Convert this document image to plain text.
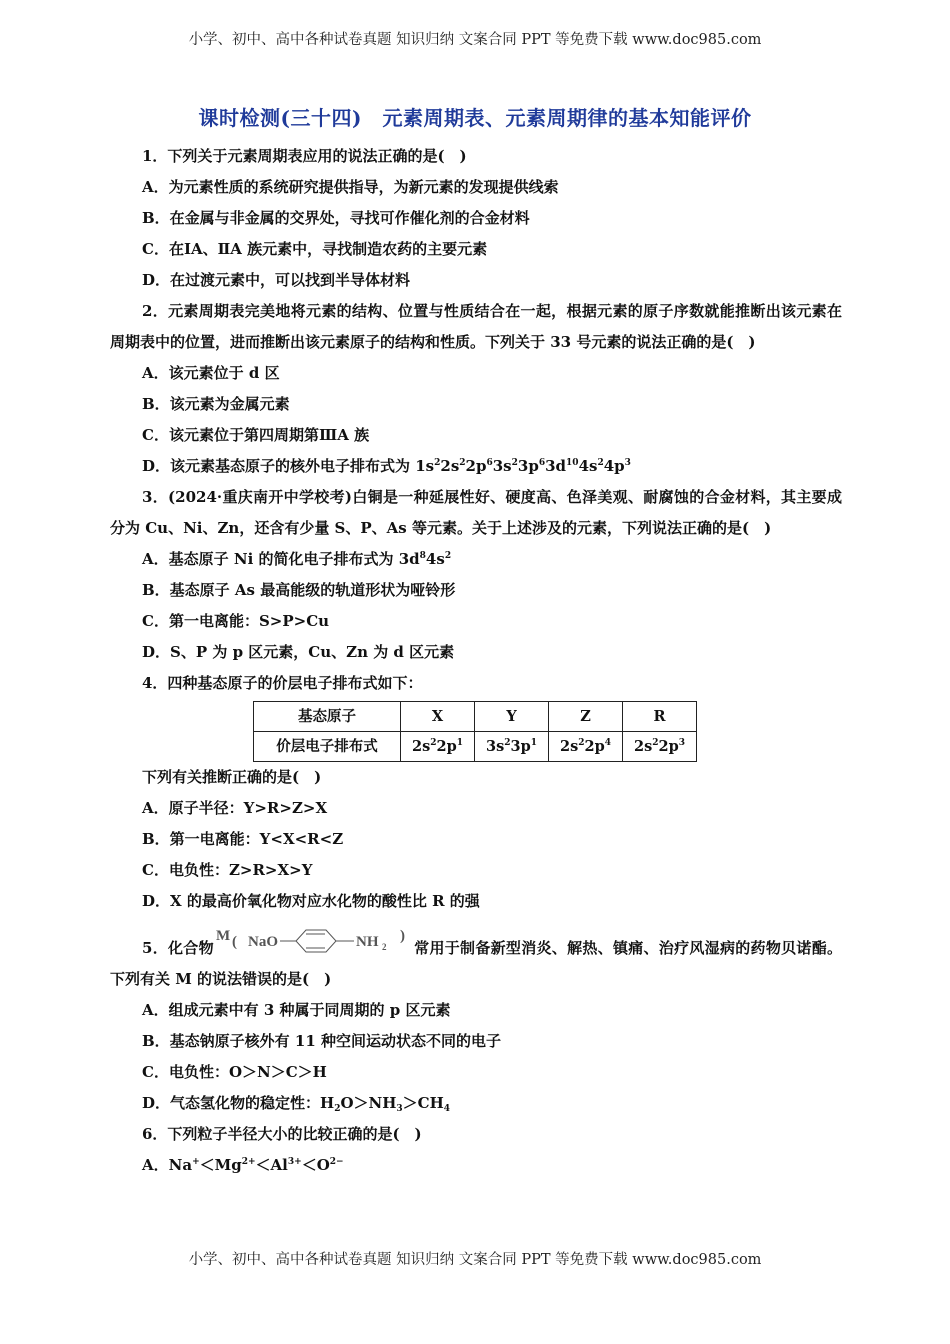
小学、初中、高中各种试卷真题 知识归纳 文案合同 PPT 等免费下载 www.doc985.com
课时检测(三十四)　元素周期表、元素周期律的基本知能评价

1．下列关于元素周期表应用的说法正确的是(　)

A．为元素性质的系统研究提供指导，为新元素的发现提供线索

B．在金属与非金属的交界处，寻找可作催化剂的合金材料

C．在ⅠA、ⅡA 族元素中，寻找制造农药的主要元素

D．在过渡元素中，可以找到半导体材料

2．元素周期表完美地将元素的结构、位置与性质结合在一起，根据元素的原子序数就能推断出该元素在周期表中的位置，进而推断出该元素原子的结构和性质。下列关于 33 号元素的说法正确的是(　)

A．该元素位于 d 区

B．该元素为金属元素

C．该元素位于第四周期第ⅢA 族

D．该元素基态原子的核外电子排布式为 $1s^22s^22p^63s^23p^63d^{10}4s^24p^3$

3．(2024·重庆南开中学校考)白铜是一种延展性好、硬度高、色泽美观、耐腐蚀的合金材料，其主要成分为 Cu、Ni、Zn，还含有少量 S、P、As 等元素。关于上述涉及的元素，下列说法正确的是(　)

A．基态原子 Ni 的简化电子排布式为 $3d^84s^2$

B．基态原子 As 最高能级的轨道形状为哑铃形

C．第一电离能：S>P>Cu

D．S、P 为 p 区元素，Cu、Zn 为 d 区元素

4．四种基态原子的价层电子排布式如下：

基态原子	X	Y	Z	R
价层电子排布式	$2s^22p^1$	$3s^23p^1$	$2s^22p^4$	$2s^22p^3$

下列有关推断正确的是(　)

A．原子半径：Y>R>Z>X

B．第一电离能：Y<X<R<Z

C．电负性：Z>R>X>Y

D．X 的最高价氧化物对应水化物的酸性比 R 的强

5．化合物
M ( NaO	NH 2
)
常用于制备新型消炎、解热、镇痛、治疗风湿病的药物贝诺酯。下列有关 M 的说法错误的是(　)

A．组成元素中有 3 种属于同周期的 p 区元素

B．基态钠原子核外有 11 种空间运动状态不同的电子

C．电负性：O＞N＞C＞H

D．气态氢化物的稳定性：$H_2O>NH_3>CH_4$

6．下列粒子半径大小的比较正确的是(　)

A．$Na^+<Mg^{2+}<Al^{3+}<O^{2-}$

小学、初中、高中各种试卷真题 知识归纳 文案合同 PPT 等免费下载 www.doc985.com
